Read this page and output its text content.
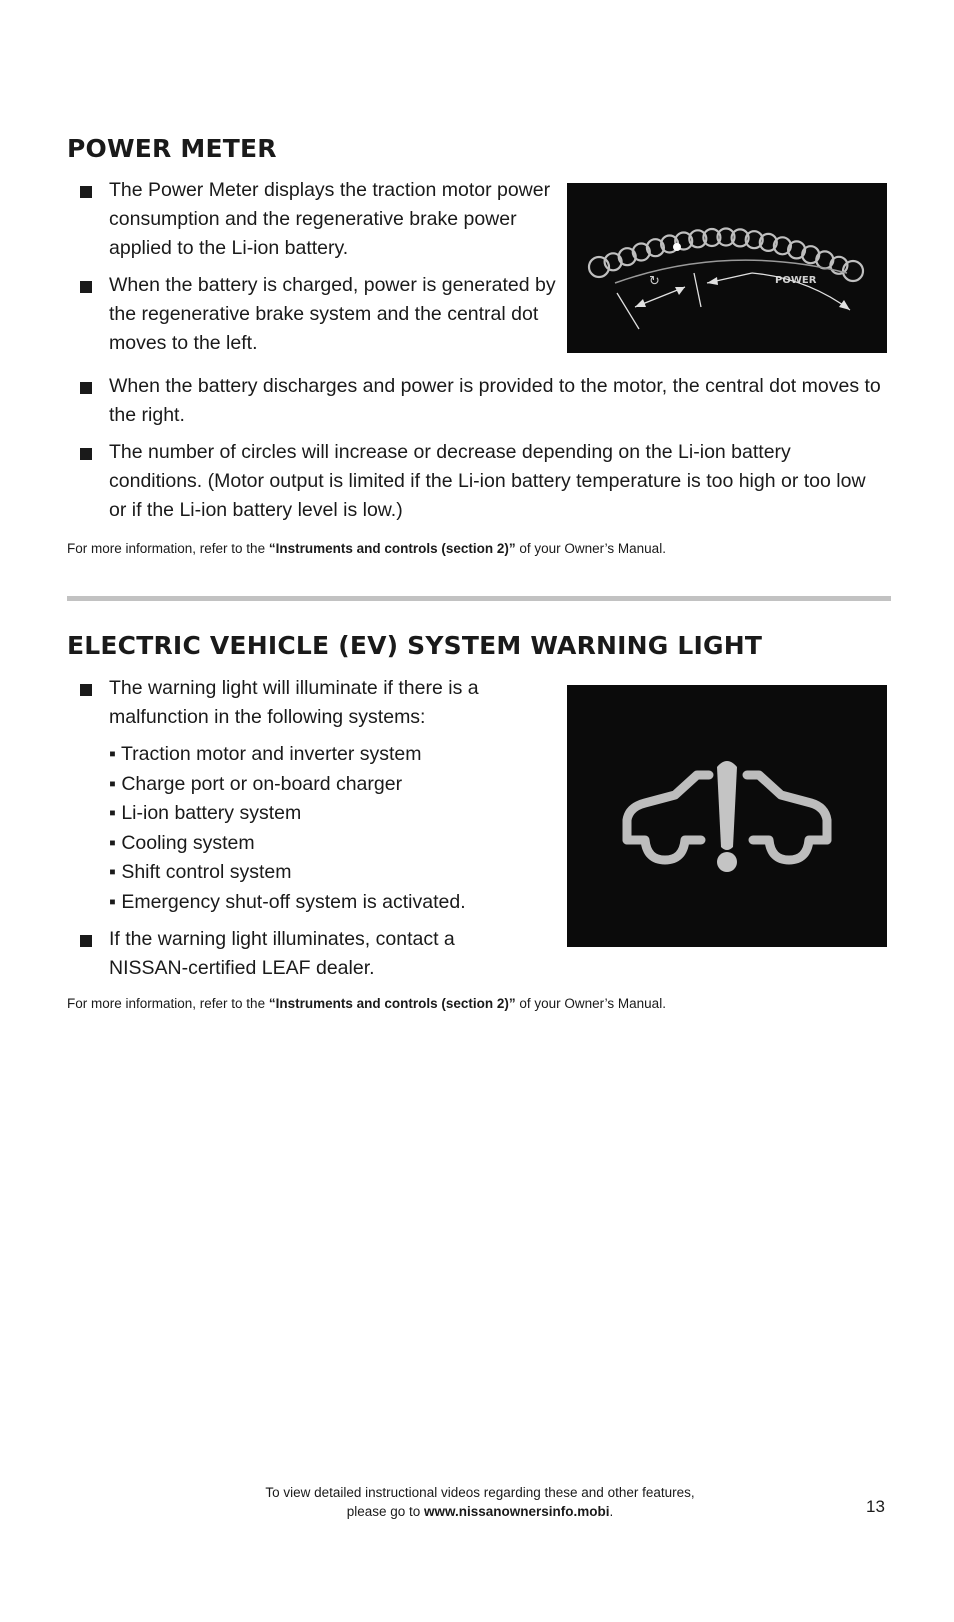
POWER METER

The Power Meter displays the traction motor power consumption and the regenerative brake power applied to the Li-ion battery.

When the battery is charged, power is generated by the regenerative brake system and the central dot moves to the left.

↻	POWER

When the battery discharges and power is provided to the motor, the central dot moves to the right.

The number of circles will increase or decrease depending on the Li-ion battery conditions. (Motor output is limited if the Li-ion battery temperature is too high or too low or if the Li-ion battery level is low.)

For more information, refer to the “Instruments and controls (section 2)” of your Owner’s Manual.

ELECTRIC VEHICLE (EV) SYSTEM WARNING LIGHT

The warning light will illuminate if there is a malfunction in the following systems:

▪ Traction motor and inverter system

▪ Charge port or on-board charger

▪ Li-ion battery system

▪ Cooling system

▪ Shift control system

▪ Emergency shut-off system is activated.

If the warning light illuminates, contact a NISSAN-certified LEAF dealer.

For more information, refer to the “Instruments and controls (section 2)” of your Owner’s Manual.

To view detailed instructional videos regarding these and other features,
please go to www.nissanownersinfo.mobi.	13
